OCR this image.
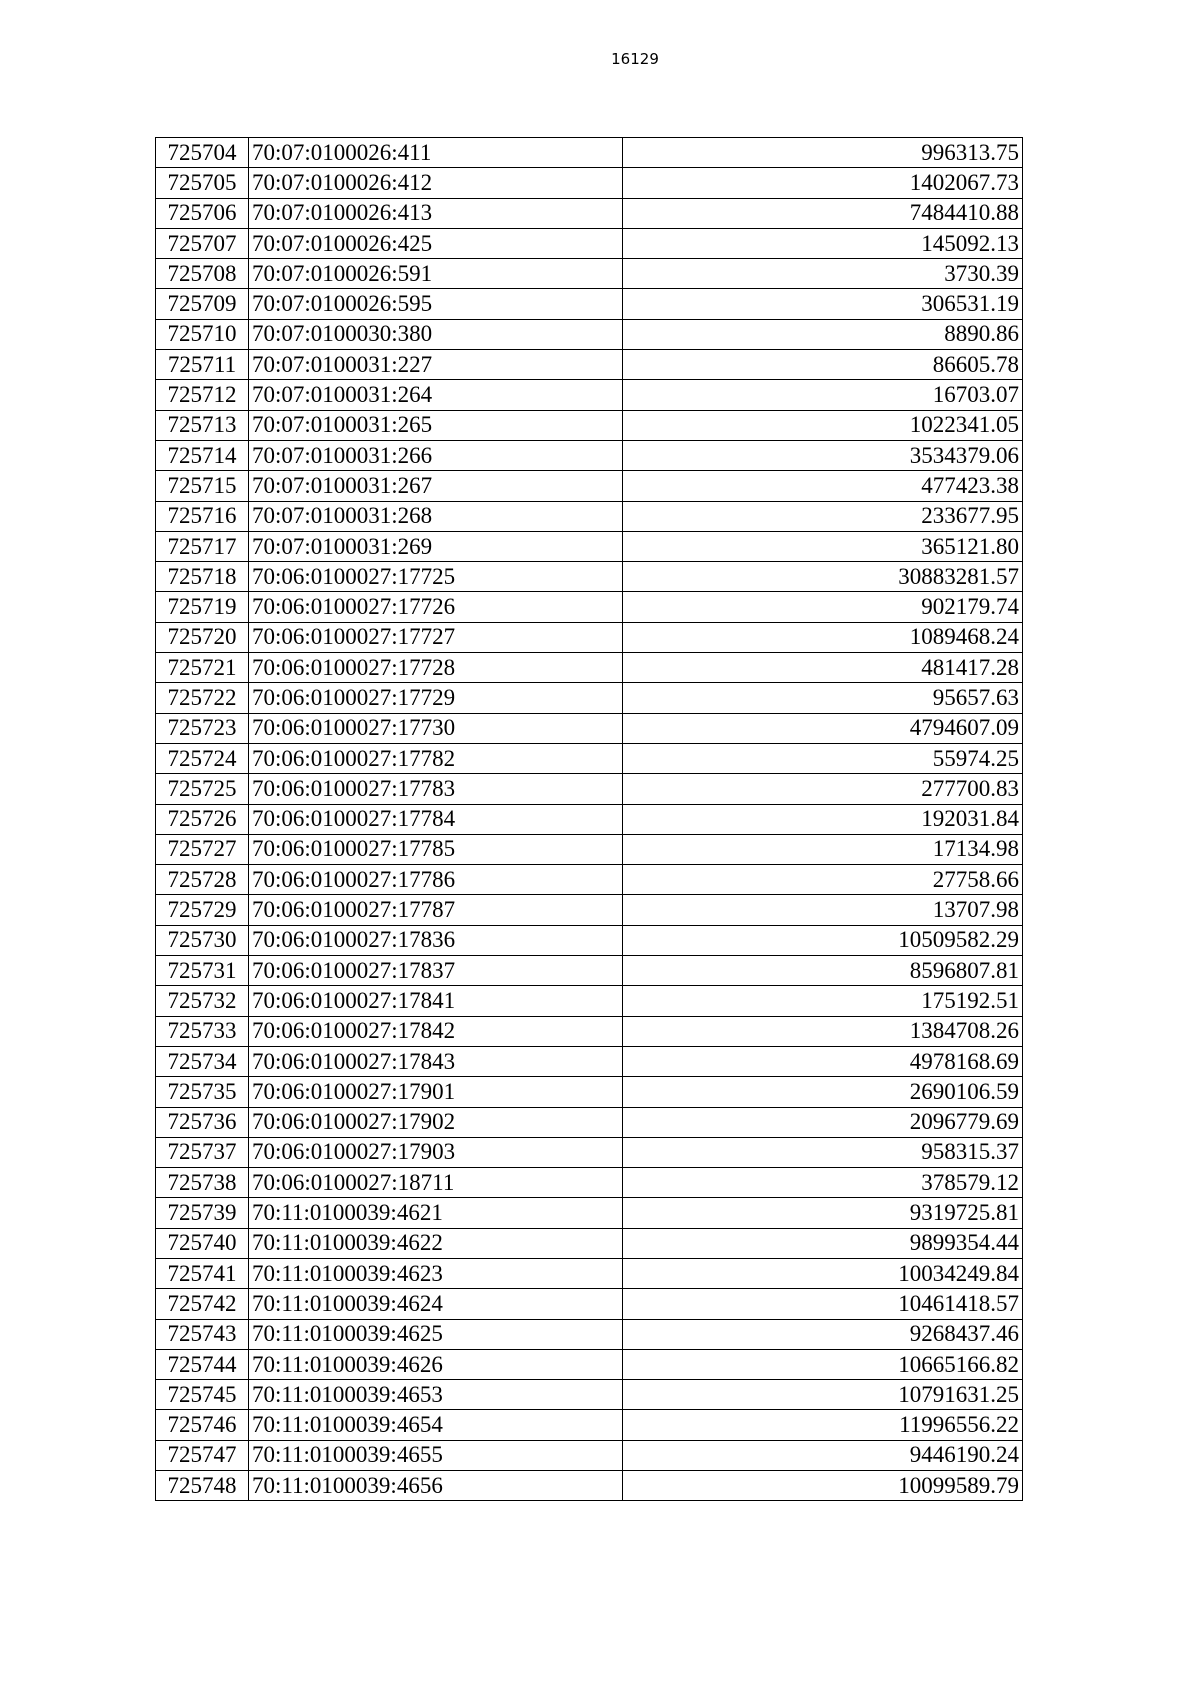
16129
725704	70:07:0100026:411	996313.75
725705	70:07:0100026:412	1402067.73
725706	70:07:0100026:413	7484410.88
725707	70:07:0100026:425	145092.13
725708	70:07:0100026:591	3730.39
725709	70:07:0100026:595	306531.19
725710	70:07:0100030:380	8890.86
725711	70:07:0100031:227	86605.78
725712	70:07:0100031:264	16703.07
725713	70:07:0100031:265	1022341.05
725714	70:07:0100031:266	3534379.06
725715	70:07:0100031:267	477423.38
725716	70:07:0100031:268	233677.95
725717	70:07:0100031:269	365121.80
725718	70:06:0100027:17725	30883281.57
725719	70:06:0100027:17726	902179.74
725720	70:06:0100027:17727	1089468.24
725721	70:06:0100027:17728	481417.28
725722	70:06:0100027:17729	95657.63
725723	70:06:0100027:17730	4794607.09
725724	70:06:0100027:17782	55974.25
725725	70:06:0100027:17783	277700.83
725726	70:06:0100027:17784	192031.84
725727	70:06:0100027:17785	17134.98
725728	70:06:0100027:17786	27758.66
725729	70:06:0100027:17787	13707.98
725730	70:06:0100027:17836	10509582.29
725731	70:06:0100027:17837	8596807.81
725732	70:06:0100027:17841	175192.51
725733	70:06:0100027:17842	1384708.26
725734	70:06:0100027:17843	4978168.69
725735	70:06:0100027:17901	2690106.59
725736	70:06:0100027:17902	2096779.69
725737	70:06:0100027:17903	958315.37
725738	70:06:0100027:18711	378579.12
725739	70:11:0100039:4621	9319725.81
725740	70:11:0100039:4622	9899354.44
725741	70:11:0100039:4623	10034249.84
725742	70:11:0100039:4624	10461418.57
725743	70:11:0100039:4625	9268437.46
725744	70:11:0100039:4626	10665166.82
725745	70:11:0100039:4653	10791631.25
725746	70:11:0100039:4654	11996556.22
725747	70:11:0100039:4655	9446190.24
725748	70:11:0100039:4656	10099589.79
